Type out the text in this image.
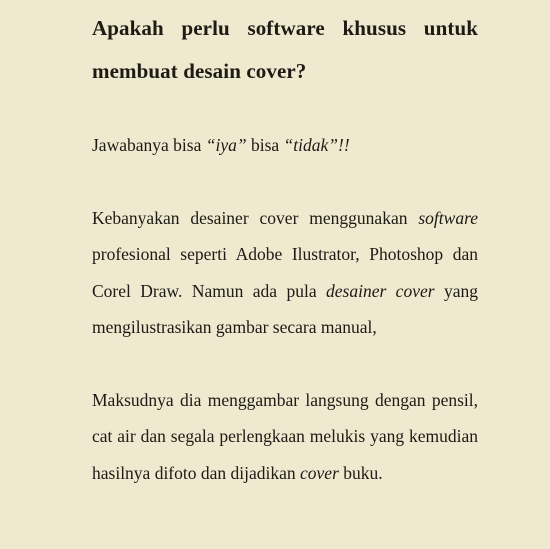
Apakah perlu software khusus untuk membuat desain cover?

Jawabanya bisa “iya” bisa “tidak”!!

Kebanyakan desainer cover menggunakan software profesional seperti Adobe Ilustrator, Photoshop dan Corel Draw. Namun ada pula desainer cover yang mengilustrasikan gambar secara manual,

Maksudnya dia menggambar langsung dengan pensil, cat air dan segala perlengkaan melukis yang kemudian hasilnya difoto dan dijadikan cover buku.
